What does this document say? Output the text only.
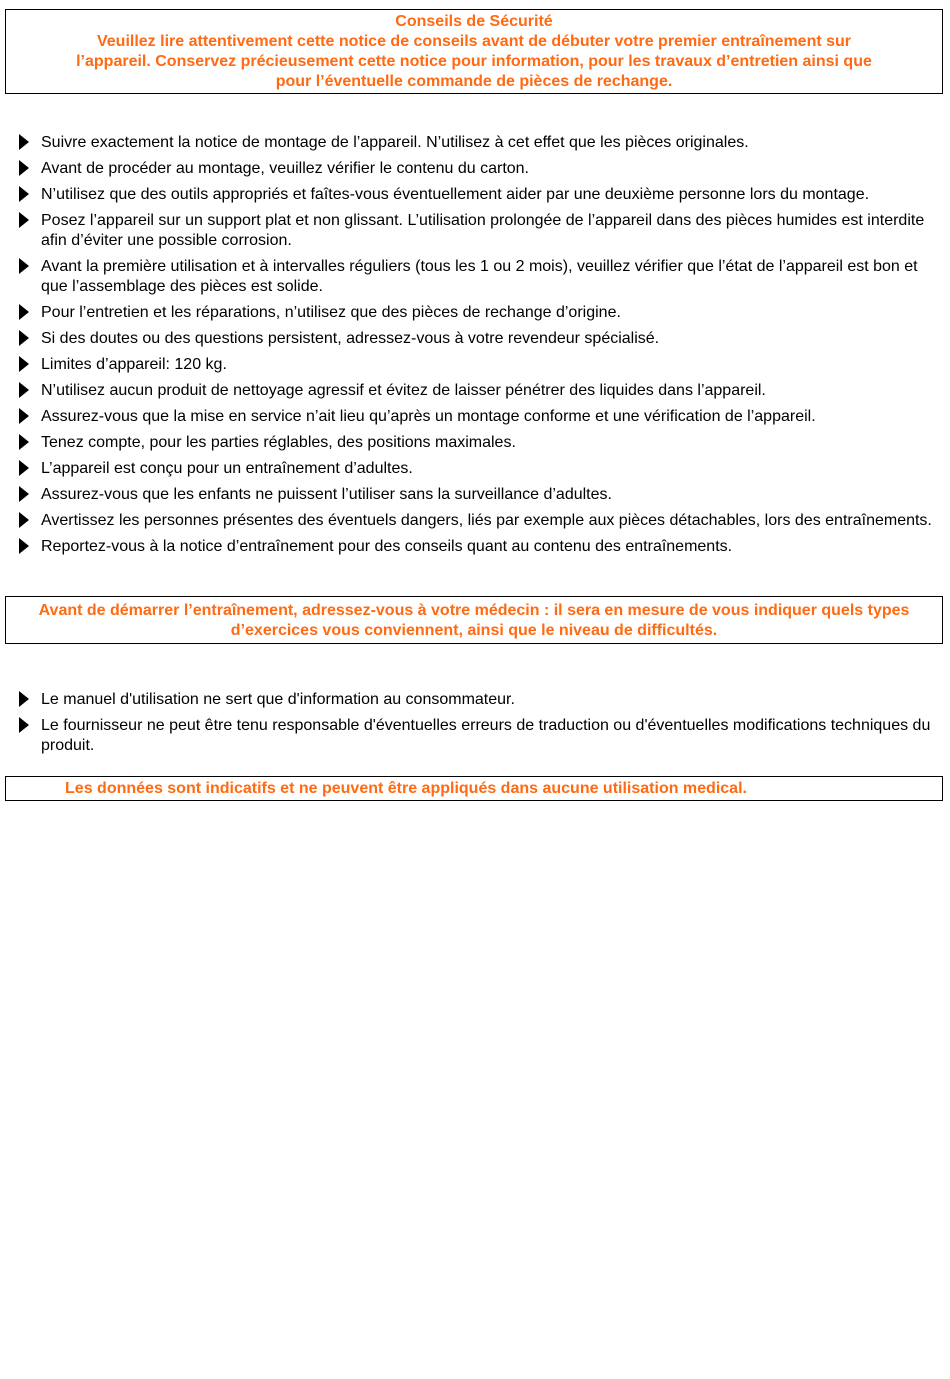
Conseils de Sécurité
Veuillez lire attentivement cette notice de conseils avant de débuter votre premier entraînement sur
l’appareil. Conservez précieusement cette notice pour information, pour les travaux d’entretien ainsi que
pour l’éventuelle commande de pièces de rechange.
Suivre exactement la notice de montage de l’appareil. N’utilisez à cet effet que les pièces originales.
Avant de procéder au montage, veuillez vérifier le contenu du carton.
N’utilisez que des outils appropriés et faîtes-vous éventuellement aider par une deuxième personne lors du montage.
Posez l’appareil sur un support plat et non glissant. L’utilisation prolongée de l’appareil dans des pièces humides est interdite afin d’éviter une possible corrosion.
Avant la première utilisation et à intervalles réguliers (tous les 1 ou 2 mois), veuillez vérifier que l’état de l’appareil est bon et que l’assemblage des pièces est solide.
Pour l’entretien et les réparations, n’utilisez que des pièces de rechange d’origine.
Si des doutes ou des questions persistent, adressez-vous à votre revendeur spécialisé.
Limites d’appareil: 120 kg.
N’utilisez aucun produit de nettoyage agressif et évitez de laisser pénétrer des liquides dans l’appareil.
Assurez-vous que la mise en service n’ait lieu qu’après un montage conforme et une vérification de l’appareil.
Tenez compte, pour les parties réglables, des positions maximales.
L’appareil est conçu pour un entraînement d’adultes.
Assurez-vous que les enfants ne puissent l’utiliser sans la surveillance d’adultes.
Avertissez les personnes présentes des éventuels dangers, liés par exemple aux pièces détachables, lors des entraînements.
Reportez-vous à la notice d’entraînement pour des conseils quant au contenu des entraînements.
Avant de démarrer l’entraînement, adressez-vous à votre médecin : il sera en mesure de vous indiquer quels types d’exercices vous conviennent, ainsi que le niveau de difficultés.
Le manuel d'utilisation ne sert que d'information au consommateur.
Le fournisseur ne peut être tenu responsable d'éventuelles erreurs de traduction ou d'éventuelles modifications techniques du produit.
Les données sont indicatifs et ne peuvent être appliqués dans aucune utilisation medical.
